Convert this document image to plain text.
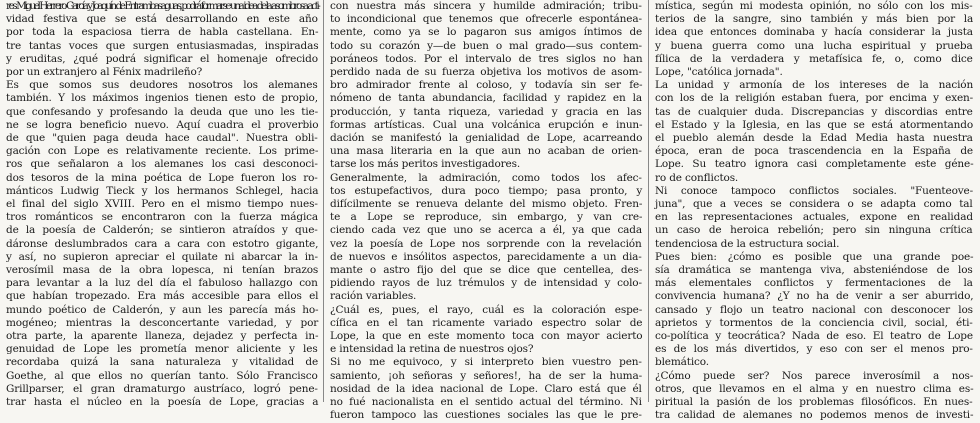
res Miguel Herrero-García y Joaquín de Entrambasaguas, podrá formarse una idea de la asombrosa acti-

vidad festiva que se está desarrollando en este año

por toda la espaciosa tierra de habla castellana. En-

tre tantas voces que surgen entusiasmadas, inspiradas

y eruditas, ¿qué podrá significar el homenaje ofrecido

por un extranjero al Fénix madrileño?

Es que somos sus deudores nosotros los alemanes

también. Y los máximos ingenios tienen esto de propio,

que confesando y profesando la deuda que uno les tie-

ne se logra beneficio nuevo. Aquí cuadra el proverbio

de que "quien paga deuda hace caudal". Nuestra obli-

gación con Lope es relativamente reciente. Los prime-

ros que señalaron a los alemanes los casi desconoci-

dos tesoros de la mina poética de Lope fueron los ro-

mánticos Ludwig Tieck y los hermanos Schlegel, hacia

el final del siglo XVIII. Pero en el mismo tiempo nues-

tros románticos se encontraron con la fuerza mágica

de la poesía de Calderón; se sintieron atraídos y que-

dáronse deslumbrados cara a cara con estotro gigante,

y así, no supieron apreciar el quilate ni abarcar la in-

verosímil masa de la obra lopesca, ni tenían brazos

para levantar a la luz del día el fabuloso hallazgo con

que habían tropezado. Era más accesible para ellos el

mundo poético de Calderón, y aun les parecía más ho-

mogéneo; mientras la desconcertante variedad, y por

otra parte, la aparente llaneza, dejadez y perfecta in-

genuidad de Lope les prometía menor aliciente y les

recordaba quizá la sana naturaleza y vitalidad de

Goethe, al que ellos no querían tanto. Sólo Francisco

Grillparser, el gran dramaturgo austríaco, logró pene-

trar hasta el núcleo en la poesía de Lope, gracias a

con nuestra más sincera y humilde admiración; tribu-

to incondicional que tenemos que ofrecerle espontánea-

mente, como ya se lo pagaron sus amigos íntimos de

todo su corazón y—de buen o mal grado—sus contem-

poráneos todos. Por el intervalo de tres siglos no han

perdido nada de su fuerza objetiva los motivos de asom-

bro admirador frente al coloso, y todavía sin ser fe-

nómeno de tanta abundancia, facilidad y rapidez en la

producción, y tanta riqueza, variedad y gracia en las

formas artísticas. Cual una volcánica erupción e inun-

dación se manifestó la genialidad de Lope, acarreando

una masa literaria en la que aun no acaban de orien-

tarse los más peritos investigadores.

Generalmente, la admiración, como todos los afec-

tos estupefactivos, dura poco tiempo; pasa pronto, y

difícilmente se renueva delante del mismo objeto. Fren-

te a Lope se reproduce, sin embargo, y van cre-

ciendo cada vez que uno se acerca a él, ya que cada

vez la poesía de Lope nos sorprende con la revelación

de nuevos e insólitos aspectos, parecidamente a un dia-

mante o astro fijo del que se dice que centellea, des-

pidiendo rayos de luz trémulos y de intensidad y colo-

ración variables.

¿Cuál es, pues, el rayo, cuál es la coloración espe-

cífica en el tan ricamente variado espectro solar de

Lope, la que en este momento toca con mayor acierto

e intensidad la retina de nuestros ojos?

Si no me equivoco, y si interpreto bien vuestro pen-

samiento, ¡oh señoras y señores!, ha de ser la huma-

nosidad de la idea nacional de Lope. Claro está que él

no fué nacionalista en el sentido actual del término. Ni

fueron tampoco las cuestiones sociales las que le pre-

mística, según mi modesta opinión, no sólo con los mis-

terios de la sangre, sino también y más bien por la

idea que entonces dominaba y hacía considerar la justa

y buena guerra como una lucha espiritual y prueba

fílica de la verdadera y metafísica fe, o, como dice

Lope, "católica jornada".

La unidad y armonía de los intereses de la nación

con los de la religión estaban fuera, por encima y exen-

tas de cualquier duda. Discrepancias y discordias entre

el Estado y la Iglesia, en las que se está atormentando

el pueblo alemán desde la Edad Media hasta nuestra

época, eran de poca trascendencia en la España de

Lope. Su teatro ignora casi completamente este géne-

ro de conflictos.

Ni conoce tampoco conflictos sociales. "Fuenteove-

juna", que a veces se considera o se adapta como tal

en las representaciones actuales, expone en realidad

un caso de heroica rebelión; pero sin ninguna crítica

tendenciosa de la estructura social.

Pues bien: ¿cómo es posible que una grande poe-

sía dramática se mantenga viva, absteniéndose de los

más elementales conflictos y fermentaciones de la

convivencia humana? ¿Y no ha de venir a ser aburrido,

cansado y flojo un teatro nacional con desconocer los

aprietos y tormentos de la conciencia civil, social, éti-

co-política y teocrática? Nada de eso. El teatro de Lope

es de los más divertidos, y eso con ser el menos pro-

blemático.

¿Cómo puede ser? Nos parece inverosímil a nos-

otros, que llevamos en el alma y en nuestro clima es-

piritual la pasión de los problemas filosóficos. En nues-

tra calidad de alemanes no podemos menos de investi-
